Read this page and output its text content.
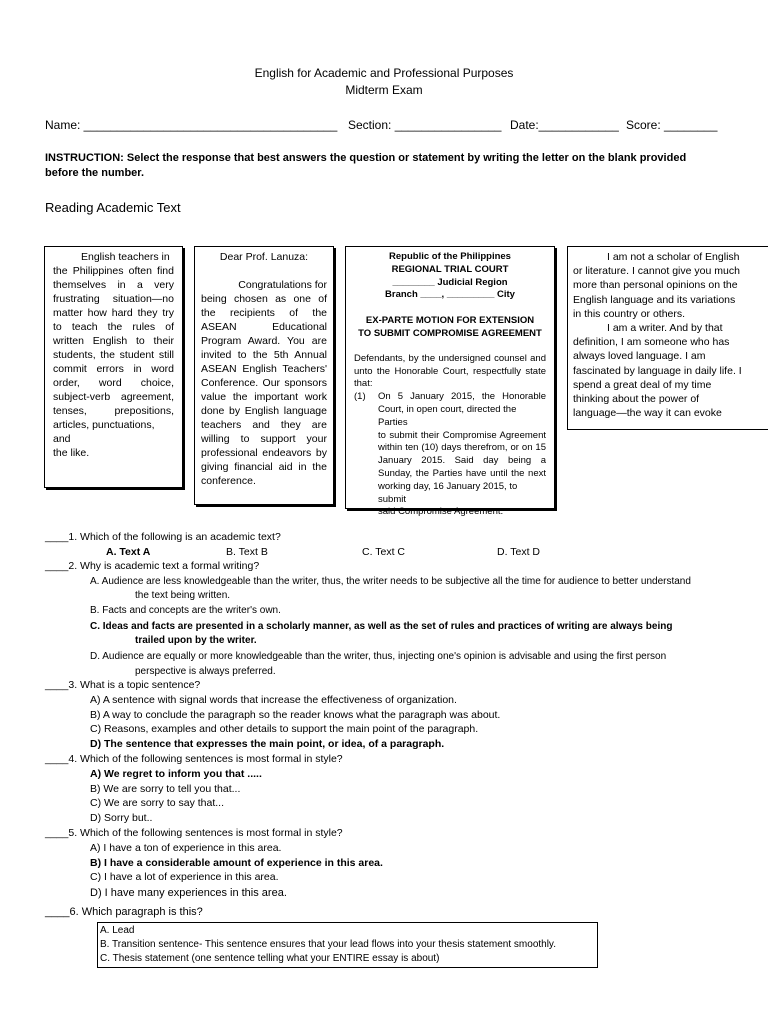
English for Academic and Professional Purposes
Midterm Exam
Name: ______________________________________ Section: ________________ Date:____________ Score: ________
INSTRUCTION: Select the response that best answers the question or statement by writing the letter on the blank provided
before the number.
Reading Academic Text
English teachers in
the Philippines often find
themselves in a very
frustrating situation—no
matter how hard they try
to teach the rules of
written English to their
students, the student still
commit errors in word
order, word choice,
subject-verb agreement,
tenses, prepositions,
articles, punctuations, and
the like.
Dear Prof. Lanuza:
Congratulations for
being chosen as one of
the recipients of the
ASEAN Educational
Program Award. You are
invited to the 5th Annual
ASEAN English Teachers'
Conference. Our sponsors
value the important work
done by English language
teachers and they are
willing to support your
professional endeavors by
giving financial aid in the
conference.
Republic of the Philippines
REGIONAL TRIAL COURT
________ Judicial Region
Branch ____, _________ City
EX-PARTE MOTION FOR EXTENSION
TO SUBMIT COMPROMISE AGREEMENT
Defendants, by the undersigned counsel and
unto the Honorable Court, respectfully state
that:
(1) On 5 January 2015, the Honorable
Court, in open court, directed the Parties
to submit their Compromise Agreement
within ten (10) days therefrom, or on 15
January 2015. Said day being a
Sunday, the Parties have until the next
working day, 16 January 2015, to submit
said Compromise Agreement.
I am not a scholar of English
or literature. I cannot give you much
more than personal opinions on the
English language and its variations
in this country or others.
I am a writer. And by that
definition, I am someone who has
always loved language. I am
fascinated by language in daily life. I
spend a great deal of my time
thinking about the power of
language—the way it can evoke
____1. Which of the following is an academic text?
A. Text A	B. Text B	C. Text C	D. Text D
____2. Why is academic text a formal writing?
A. Audience are less knowledgeable than the writer, thus, the writer needs to be subjective all the time for audience to better understand
the text being written.
B. Facts and concepts are the writer's own.
C. Ideas and facts are presented in a scholarly manner, as well as the set of rules and practices of writing are always being
trailed upon by the writer.
D. Audience are equally or more knowledgeable than the writer, thus, injecting one's opinion is advisable and using the first person
perspective is always preferred.
____3. What is a topic sentence?
A) A sentence with signal words that increase the effectiveness of organization.
B) A way to conclude the paragraph so the reader knows what the paragraph was about.
C) Reasons, examples and other details to support the main point of the paragraph.
D) The sentence that expresses the main point, or idea, of a paragraph.
____4. Which of the following sentences is most formal in style?
A) We regret to inform you that .....
B) We are sorry to tell you that...
C) We are sorry to say that...
D) Sorry but..
____5. Which of the following sentences is most formal in style?
A) I have a ton of experience in this area.
B) I have a considerable amount of experience in this area.
C) I have a lot of experience in this area.
D) I have many experiences in this area.
____6. Which paragraph is this?
A. Lead
B. Transition sentence- This sentence ensures that your lead flows into your thesis statement smoothly.
C. Thesis statement (one sentence telling what your ENTIRE essay is about)
